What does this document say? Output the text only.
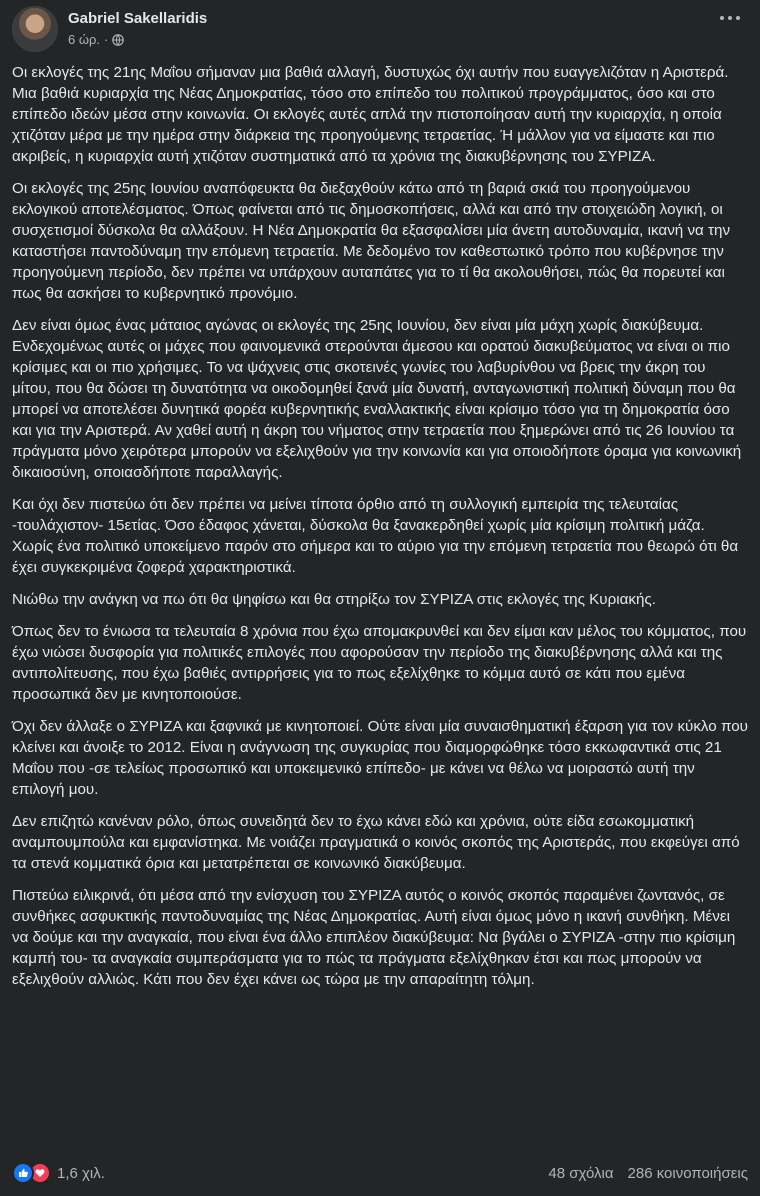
Gabriel Sakellaridis
6 ώρ. ·

Οι εκλογές της 21ης Μαΐου σήμαναν μια βαθιά αλλαγή, δυστυχώς όχι αυτήν που ευαγγελιζόταν η Αριστερά. Μια βαθιά κυριαρχία της Νέας Δημοκρατίας, τόσο στο επίπεδο του πολιτικού προγράμματος, όσο και στο επίπεδο ιδεών μέσα στην κοινωνία. Οι εκλογές αυτές απλά την πιστοποίησαν αυτή την κυριαρχία, η οποία χτιζόταν μέρα με την ημέρα στην διάρκεια της προηγούμενης τετραετίας. Ή μάλλον για να είμαστε και πιο ακριβείς, η κυριαρχία αυτή χτιζόταν συστηματικά από τα χρόνια της διακυβέρνησης του ΣΥΡΙΖΑ.

Οι εκλογές της 25ης Ιουνίου αναπόφευκτα θα διεξαχθούν κάτω από τη βαριά σκιά του προηγούμενου εκλογικού αποτελέσματος. Όπως φαίνεται από τις δημοσκοπήσεις, αλλά και από την στοιχειώδη λογική, οι συσχετισμοί δύσκολα θα αλλάξουν. Η Νέα Δημοκρατία θα εξασφαλίσει μία άνετη αυτοδυναμία, ικανή να την καταστήσει παντοδύναμη την επόμενη τετραετία. Με δεδομένο τον καθεστωτικό τρόπο που κυβέρνησε την προηγούμενη περίοδο, δεν πρέπει να υπάρχουν αυταπάτες για το τί θα ακολουθήσει, πώς θα πορευτεί και πως θα ασκήσει το κυβερνητικό προνόμιο.

Δεν είναι όμως ένας μάταιος αγώνας οι εκλογές της 25ης Ιουνίου, δεν είναι μία μάχη χωρίς διακύβευμα. Ενδεχομένως αυτές οι μάχες που φαινομενικά στερούνται άμεσου και ορατού διακυβεύματος να είναι οι πιο κρίσιμες και οι πιο χρήσιμες. Το να ψάχνεις στις σκοτεινές γωνίες του λαβυρίνθου να βρεις την άκρη του μίτου, που θα δώσει τη δυνατότητα να οικοδομηθεί ξανά μία δυνατή, ανταγωνιστική πολιτική δύναμη που θα μπορεί να αποτελέσει δυνητικά φορέα κυβερνητικής εναλλακτικής είναι κρίσιμο τόσο για τη δημοκρατία όσο και για την Αριστερά. Αν χαθεί αυτή η άκρη του νήματος στην τετραετία που ξημερώνει από τις 26 Ιουνίου τα πράγματα μόνο χειρότερα μπορούν να εξελιχθούν για την κοινωνία και για οποιοδήποτε όραμα για κοινωνική δικαιοσύνη, οποιασδήποτε παραλλαγής.

Και όχι δεν πιστεύω ότι δεν πρέπει να μείνει τίποτα όρθιο από τη συλλογική εμπειρία της τελευταίας -τουλάχιστον- 15ετίας. Όσο έδαφος χάνεται, δύσκολα θα ξανακερδηθεί χωρίς μία κρίσιμη πολιτική μάζα. Χωρίς ένα πολιτικό υποκείμενο παρόν στο σήμερα και το αύριο για την επόμενη τετραετία που θεωρώ ότι θα έχει συγκεκριμένα ζοφερά χαρακτηριστικά.

Νιώθω την ανάγκη να πω ότι θα ψηφίσω και θα στηρίξω τον ΣΥΡΙΖΑ στις εκλογές της Κυριακής.

Όπως δεν το ένιωσα τα τελευταία 8 χρόνια που έχω απομακρυνθεί και δεν είμαι καν μέλος του κόμματος, που έχω νιώσει δυσφορία για πολιτικές επιλογές που αφορούσαν την περίοδο της διακυβέρνησης αλλά και της αντιπολίτευσης, που έχω βαθιές αντιρρήσεις για το πως εξελίχθηκε το κόμμα αυτό σε κάτι που εμένα προσωπικά δεν με κινητοποιούσε.

Όχι δεν άλλαξε ο ΣΥΡΙΖΑ και ξαφνικά με κινητοποιεί. Ούτε είναι μία συναισθηματική έξαρση για τον κύκλο που κλείνει και άνοιξε το 2012. Είναι η ανάγνωση της συγκυρίας που διαμορφώθηκε τόσο εκκωφαντικά στις 21 Μαΐου που -σε τελείως προσωπικό και υποκειμενικό επίπεδο- με κάνει να θέλω να μοιραστώ αυτή την επιλογή μου.

Δεν επιζητώ κανέναν ρόλο, όπως συνειδητά δεν το έχω κάνει εδώ και χρόνια, ούτε είδα εσωκομματική αναμπουμπούλα και εμφανίστηκα. Με νοιάζει πραγματικά ο κοινός σκοπός της Αριστεράς, που εκφεύγει από τα στενά κομματικά όρια και μετατρέπεται σε κοινωνικό διακύβευμα.

Πιστεύω ειλικρινά, ότι μέσα από την ενίσχυση του ΣΥΡΙΖΑ αυτός ο κοινός σκοπός παραμένει ζωντανός, σε συνθήκες ασφυκτικής παντοδυναμίας της Νέας Δημοκρατίας. Αυτή είναι όμως μόνο η ικανή συνθήκη. Μένει να δούμε και την αναγκαία, που είναι ένα άλλο επιπλέον διακύβευμα: Να βγάλει ο ΣΥΡΙΖΑ -στην πιο κρίσιμη καμπή του- τα αναγκαία συμπεράσματα για το πώς τα πράγματα εξελίχθηκαν έτσι και πως μπορούν να εξελιχθούν αλλιώς. Κάτι που δεν έχει κάνει ως τώρα με την απαραίτητη τόλμη.

1,6 χιλ.	48 σχόλια 286 κοινοποιήσεις
